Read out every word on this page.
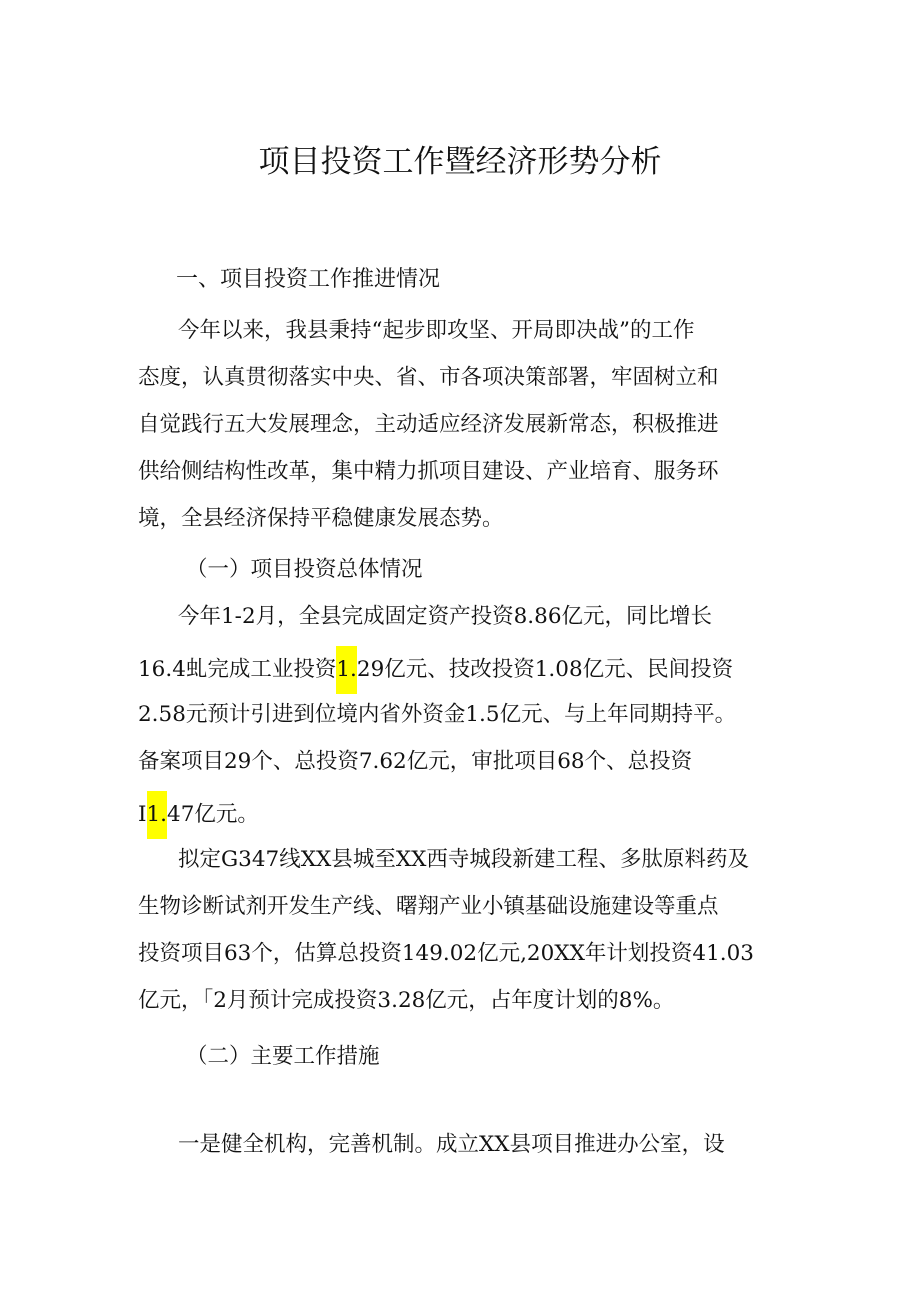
项目投资工作暨经济形势分析
一、项目投资工作推进情况
今年以来，我县秉持“起步即攻坚、开局即决战”的工作
态度，认真贯彻落实中央、省、市各项决策部署，牢固树立和
自觉践行五大发展理念，主动适应经济发展新常态，积极推进
供给侧结构性改革，集中精力抓项目建设、产业培育、服务环
境，全县经济保持平稳健康发展态势。
（一）项目投资总体情况
今年1-2月，全县完成固定资产投资8.86亿元，同比增长
16.4虬完成工业投资1.29亿元、技改投资1.08亿元、民间投资
2.58元预计引进到位境内省外资金1.5亿元、与上年同期持平。
备案项目29个、总投资7.62亿元，审批项目68个、总投资
I1.47亿元。
拟定G347线XX县城至XX西寺城段新建工程、多肽原料药及
生物诊断试剂开发生产线、曙翔产业小镇基础设施建设等重点
投资项目63个，估算总投资149.02亿元,20XX年计划投资41.03
亿元，「2月预计完成投资3.28亿元，占年度计划的8%。
（二）主要工作措施
一是健全机构，完善机制。成立XX县项目推进办公室，设
